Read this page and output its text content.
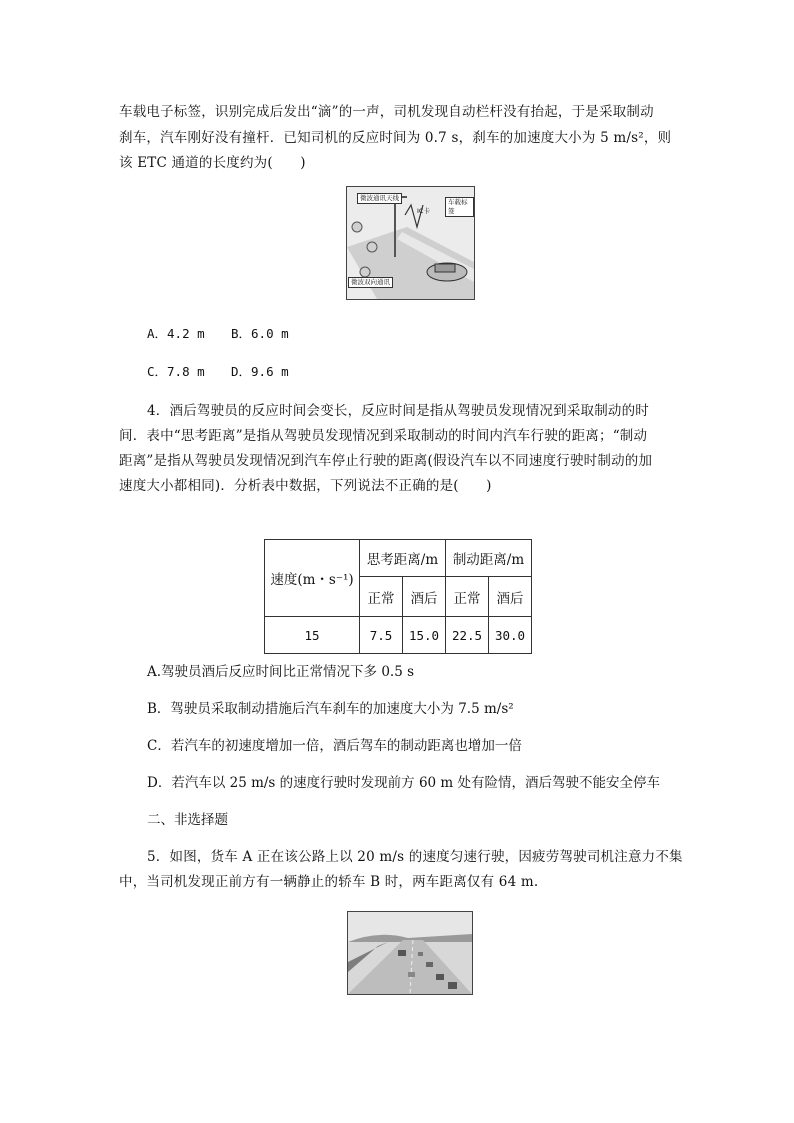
车载电子标签，识别完成后发出“滴”的一声，司机发现自动栏杆没有抬起，于是采取制动
刹车，汽车刚好没有撞杆．已知司机的反应时间为 0.7 s，刹车的加速度大小为 5 m/s²，则
该 ETC 通道的长度约为(　　)
微波通讯天线	车载标签
IC卡
微波双向通讯
A．4.2 m B．6.0 m
C．7.8 m D．9.6 m
4．酒后驾驶员的反应时间会变长，反应时间是指从驾驶员发现情况到采取制动的时
间．表中“思考距离”是指从驾驶员发现情况到采取制动的时间内汽车行驶的距离；“制动
距离”是指从驾驶员发现情况到汽车停止行驶的距离(假设汽车以不同速度行驶时制动的加
速度大小都相同)．分析表中数据，下列说法不正确的是(　　)
速度(m・s⁻¹)	思考距离/m		制动距离/m	
	正常	酒后	正常	酒后
15	7.5	15.0	22.5	30.0
A.驾驶员酒后反应时间比正常情况下多 0.5 s
B．驾驶员采取制动措施后汽车刹车的加速度大小为 7.5 m/s²
C．若汽车的初速度增加一倍，酒后驾车的制动距离也增加一倍
D．若汽车以 25 m/s 的速度行驶时发现前方 60 m 处有险情，酒后驾驶不能安全停车
二、非选择题
5．如图，货车 A 正在该公路上以 20 m/s 的速度匀速行驶，因疲劳驾驶司机注意力不集
中，当司机发现正前方有一辆静止的轿车 B 时，两车距离仅有 64 m.
